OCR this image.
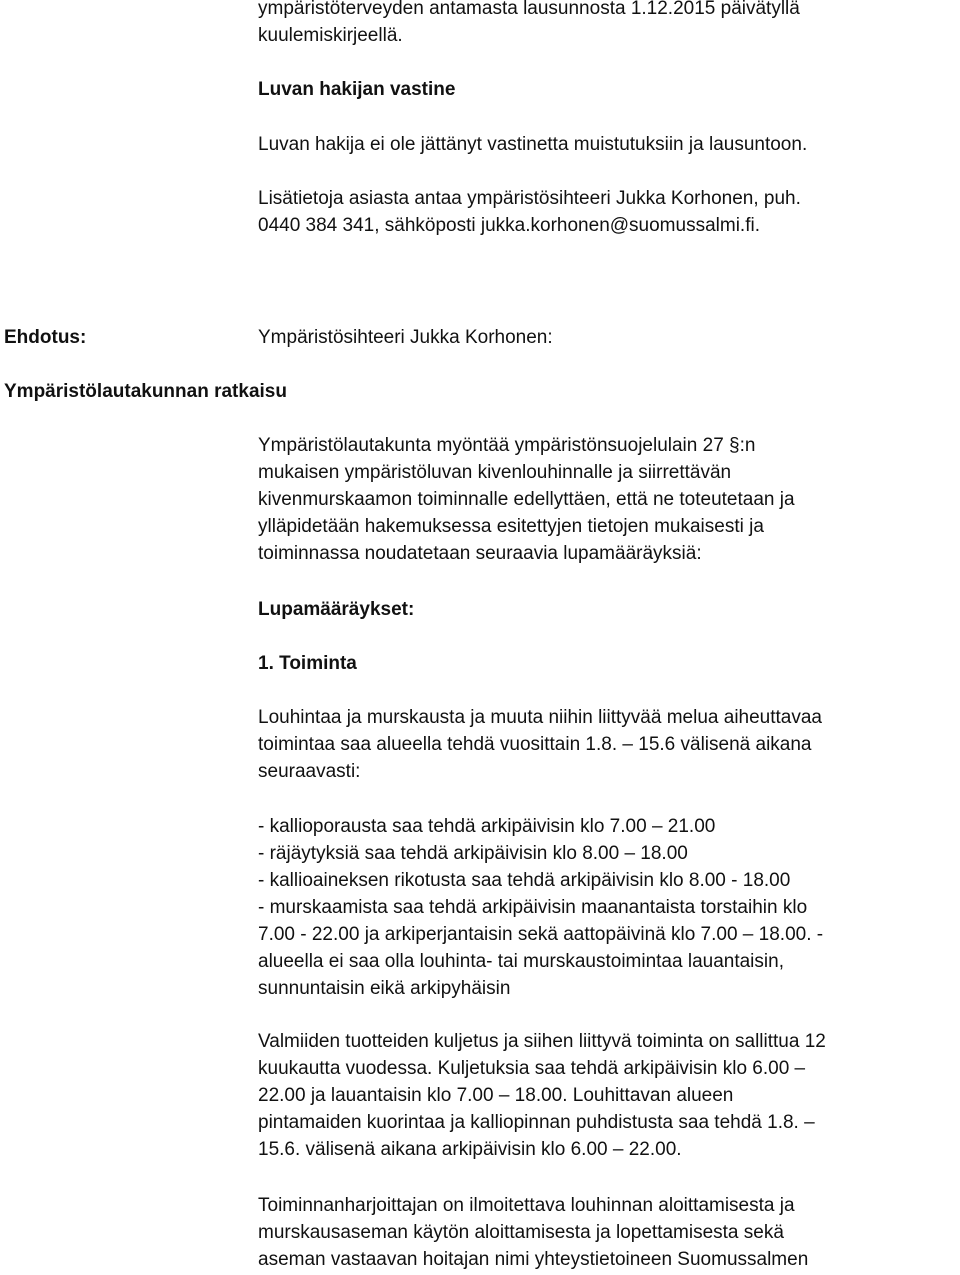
ympäristöterveyden antamasta lausunnosta 1.12.2015 päivätyllä
kuulemiskirjeellä.
Luvan hakijan vastine
Luvan hakija ei ole jättänyt vastinetta muistutuksiin ja lausuntoon.
Lisätietoja asiasta antaa ympäristösihteeri Jukka Korhonen, puh.
0440 384 341, sähköposti jukka.korhonen@suomussalmi.fi.
Ehdotus:	Ympäristösihteeri Jukka Korhonen:
Ympäristölautakunnan ratkaisu
Ympäristölautakunta myöntää ympäristönsuojelulain 27 §:n
mukaisen ympäristöluvan kivenlouhinnalle ja siirrettävän
kivenmurskaamon toiminnalle edellyttäen, että ne toteutetaan ja
ylläpidetään hakemuksessa esitettyjen tietojen mukaisesti ja
toiminnassa noudatetaan seuraavia lupamääräyksiä:
Lupamääräykset:
1. Toiminta
Louhintaa ja murskausta ja muuta niihin liittyvää melua aiheuttavaa
toimintaa saa alueella tehdä vuosittain 1.8. – 15.6 välisenä aikana
seuraavasti:
- kallioporausta saa tehdä arkipäivisin klo 7.00 – 21.00
- räjäytyksiä saa tehdä arkipäivisin klo 8.00 – 18.00
- kallioaineksen rikotusta saa tehdä arkipäivisin klo 8.00 - 18.00
- murskaamista saa tehdä arkipäivisin maanantaista torstaihin klo
7.00 - 22.00 ja arkiperjantaisin sekä aattopäivinä klo 7.00 – 18.00. -
alueella ei saa olla louhinta- tai murskaustoimintaa lauantaisin,
sunnuntaisin eikä arkipyhäisin
Valmiiden tuotteiden kuljetus ja siihen liittyvä toiminta on sallittua 12
kuukautta vuodessa. Kuljetuksia saa tehdä arkipäivisin klo 6.00 –
22.00 ja lauantaisin klo 7.00 – 18.00. Louhittavan alueen
pintamaiden kuorintaa ja kalliopinnan puhdistusta saa tehdä 1.8. –
15.6. välisenä aikana arkipäivisin klo 6.00 – 22.00.
Toiminnanharjoittajan on ilmoitettava louhinnan aloittamisesta ja
murskausaseman käytön aloittamisesta ja lopettamisesta sekä
aseman vastaavan hoitajan nimi yhteystietoineen Suomussalmen
